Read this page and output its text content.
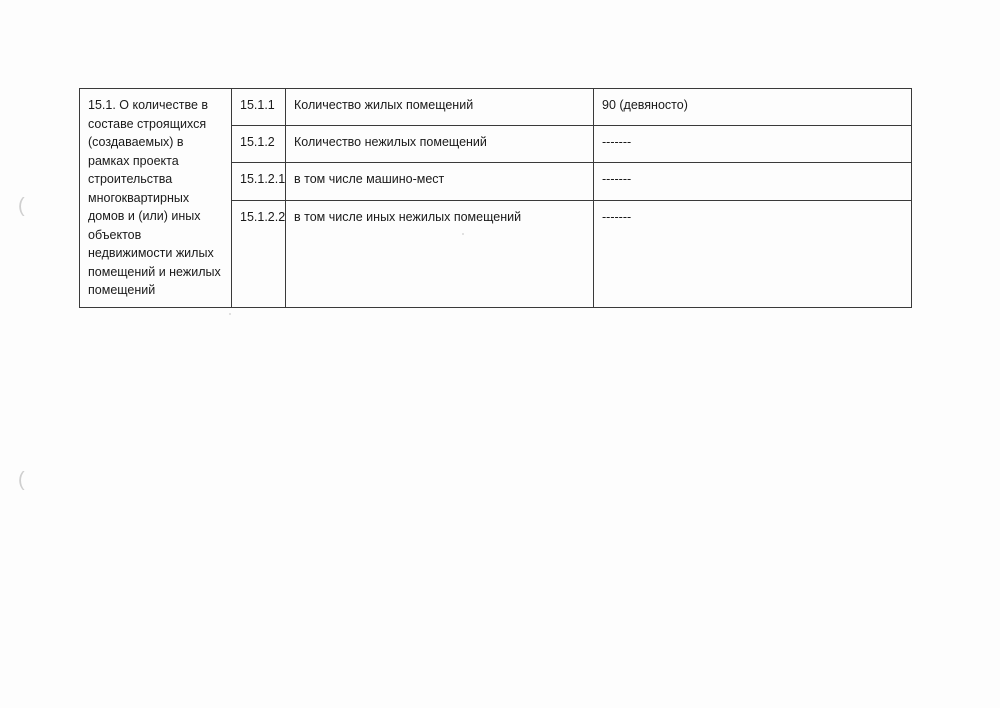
(
(
15.1. О количестве в составе строящихся (создаваемых) в рамках проекта строительства многоквартирных домов и (или) иных объектов недвижимости жилых помещений и нежилых помещений	15.1.1	Количество жилых помещений	90 (девяносто)
	15.1.2	Количество нежилых помещений	-------
	15.1.2.1	в том числе машино-мест	-------
	15.1.2.2	в том числе иных нежилых помещений	-------
